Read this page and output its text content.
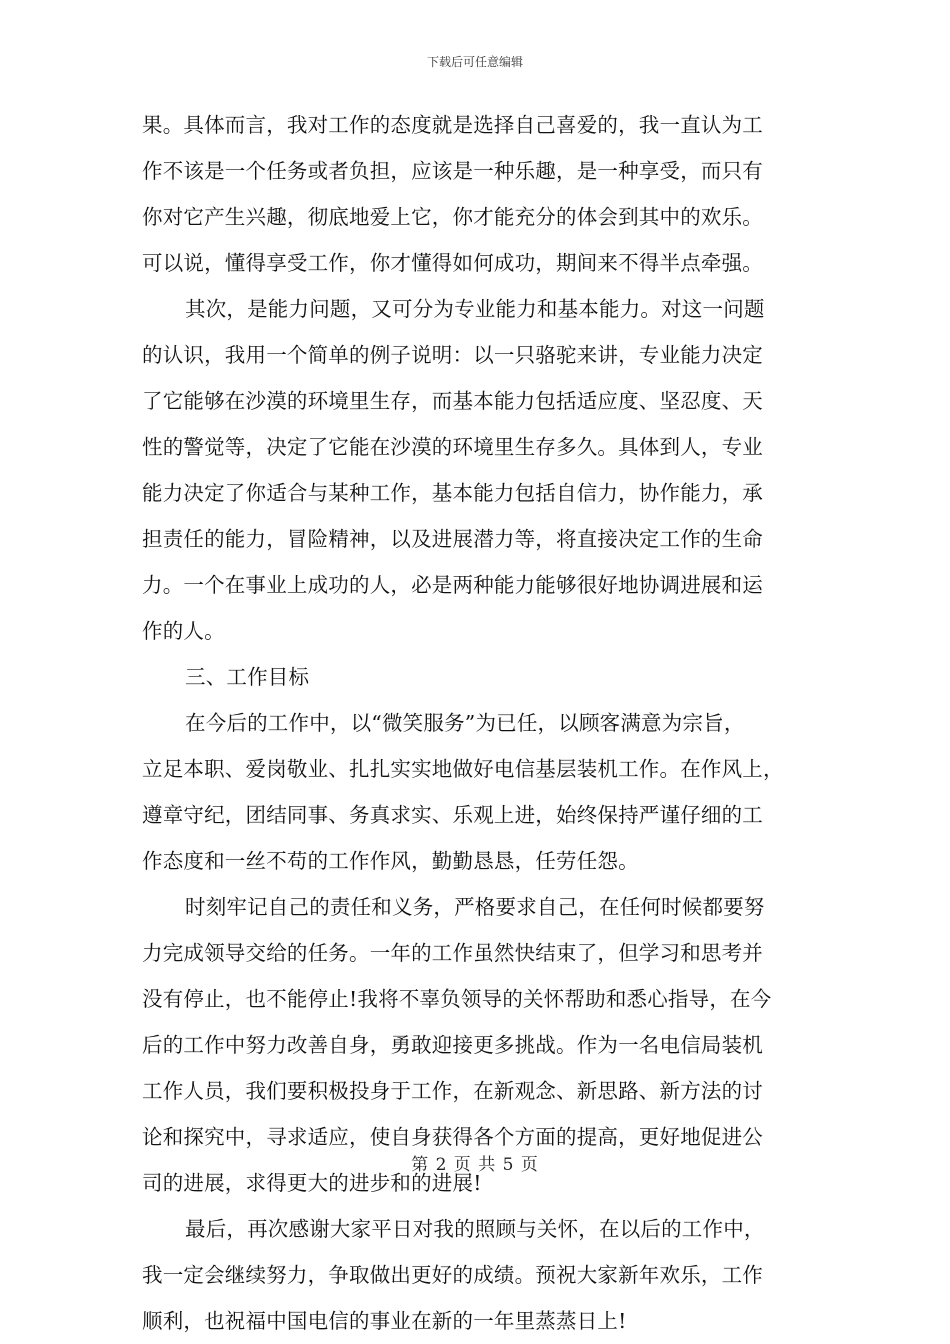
下载后可任意编辑
果。具体而言，我对工作的态度就是选择自己喜爱的，我一直认为工
作不该是一个任务或者负担，应该是一种乐趣，是一种享受，而只有
你对它产生兴趣，彻底地爱上它，你才能充分的体会到其中的欢乐。
可以说，懂得享受工作，你才懂得如何成功，期间来不得半点牵强。
其次，是能力问题，又可分为专业能力和基本能力。对这一问题
的认识，我用一个简单的例子说明：以一只骆驼来讲，专业能力决定
了它能够在沙漠的环境里生存，而基本能力包括适应度、坚忍度、天
性的警觉等，决定了它能在沙漠的环境里生存多久。具体到人，专业
能力决定了你适合与某种工作，基本能力包括自信力，协作能力，承
担责任的能力，冒险精神，以及进展潜力等，将直接决定工作的生命
力。一个在事业上成功的人，必是两种能力能够很好地协调进展和运
作的人。
三、工作目标
在今后的工作中，以“微笑服务”为已任，以顾客满意为宗旨，
立足本职、爱岗敬业、扎扎实实地做好电信基层装机工作。在作风上，
遵章守纪，团结同事、务真求实、乐观上进，始终保持严谨仔细的工
作态度和一丝不苟的工作作风，勤勤恳恳，任劳任怨。
时刻牢记自己的责任和义务，严格要求自己，在任何时候都要努
力完成领导交给的任务。一年的工作虽然快结束了，但学习和思考并
没有停止，也不能停止!我将不辜负领导的关怀帮助和悉心指导，在今
后的工作中努力改善自身，勇敢迎接更多挑战。作为一名电信局装机
工作人员，我们要积极投身于工作，在新观念、新思路、新方法的讨
论和探究中，寻求适应，使自身获得各个方面的提高，更好地促进公
司的进展，求得更大的进步和的进展!
最后，再次感谢大家平日对我的照顾与关怀，在以后的工作中，
我一定会继续努力，争取做出更好的成绩。预祝大家新年欢乐，工作
顺利，也祝福中国电信的事业在新的一年里蒸蒸日上!
第 2 页 共 5 页
